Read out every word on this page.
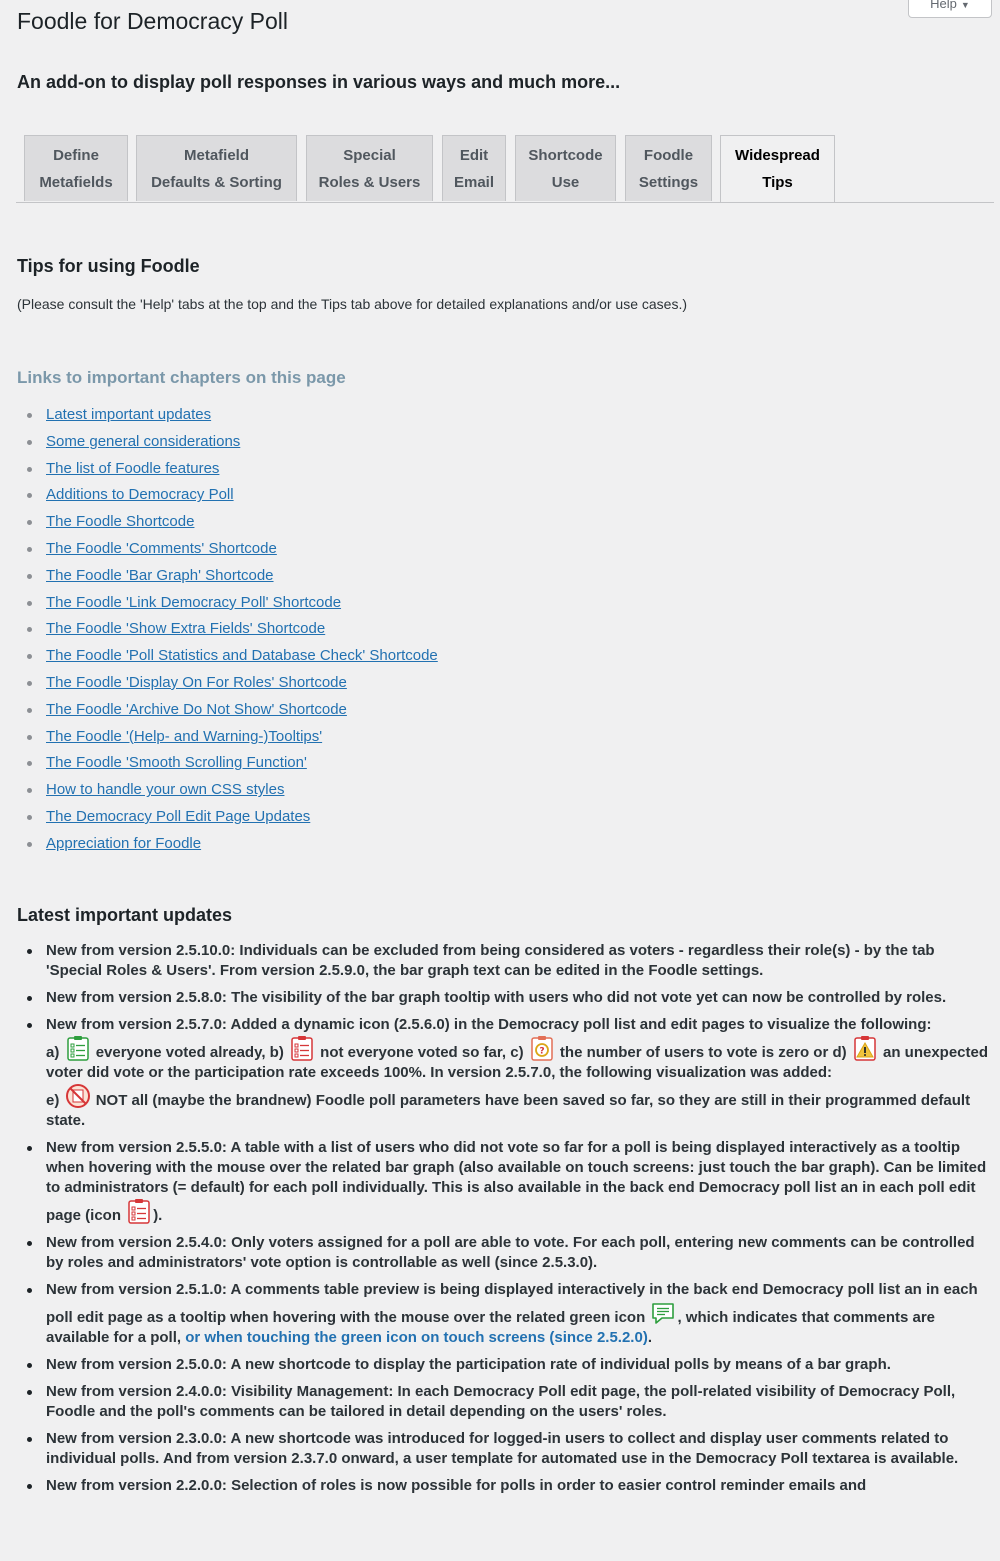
Help ▼
Foodle for Democracy Poll

An add-on to display poll responses in various ways and much more...

Define
Metafields
Metafield
Defaults & Sorting
Special
Roles & Users
Edit
Email
Shortcode
Use
Foodle
Settings
Widespread
Tips
Tips for using Foodle
(Please consult the 'Help' tabs at the top and the Tips tab above for detailed explanations and/or use cases.)
Links to important chapters on this page
Latest important updates
Some general considerations
The list of Foodle features
Additions to Democracy Poll
The Foodle Shortcode
The Foodle 'Comments' Shortcode
The Foodle 'Bar Graph' Shortcode
The Foodle 'Link Democracy Poll' Shortcode
The Foodle 'Show Extra Fields' Shortcode
The Foodle 'Poll Statistics and Database Check' Shortcode
The Foodle 'Display On For Roles' Shortcode
The Foodle 'Archive Do Not Show' Shortcode
The Foodle '(Help- and Warning-)Tooltips'
The Foodle 'Smooth Scrolling Function'
How to handle your own CSS styles
The Democracy Poll Edit Page Updates
Appreciation for Foodle
Latest important updates
New from version 2.5.10.0: Individuals can be excluded from being considered as voters - regardless their role(s) - by the tab 'Special Roles & Users'. From version 2.5.9.0, the bar graph text can be edited in the Foodle settings.
New from version 2.5.8.0: The visibility of the bar graph tooltip with users who did not vote yet can now be controlled by roles.
New from version 2.5.7.0: Added a dynamic icon (2.5.6.0) in the Democracy poll list and edit pages to visualize the following:
a) everyone voted already, b) not everyone voted so far, c) ? the number of users to vote is zero or d) an unexpected voter did vote or the participation rate exceeds 100%. In version 2.5.7.0, the following visualization was added:
e) NOT all (maybe the brandnew) Foodle poll parameters have been saved so far, so they are still in their programmed default state.
New from version 2.5.5.0: A table with a list of users who did not vote so far for a poll is being displayed interactively as a tooltip when hovering with the mouse over the related bar graph (also available on touch screens: just touch the bar graph). Can be limited to administrators (= default) for each poll individually. This is also available in the back end Democracy poll list an in each poll edit page (icon ).
New from version 2.5.4.0: Only voters assigned for a poll are able to vote. For each poll, entering new comments can be controlled by roles and administrators' vote option is controllable as well (since 2.5.3.0).
New from version 2.5.1.0: A comments table preview is being displayed interactively in the back end Democracy poll list an in each poll edit page as a tooltip when hovering with the mouse over the related green icon , which indicates that comments are available for a poll, or when touching the green icon on touch screens (since 2.5.2.0).
New from version 2.5.0.0: A new shortcode to display the participation rate of individual polls by means of a bar graph.
New from version 2.4.0.0: Visibility Management: In each Democracy Poll edit page, the poll-related visibility of Democracy Poll, Foodle and the poll's comments can be tailored in detail depending on the users' roles.
New from version 2.3.0.0: A new shortcode was introduced for logged-in users to collect and display user comments related to individual polls. And from version 2.3.7.0 onward, a user template for automated use in the Democracy Poll textarea is available.
New from version 2.2.0.0: Selection of roles is now possible for polls in order to easier control reminder emails and
